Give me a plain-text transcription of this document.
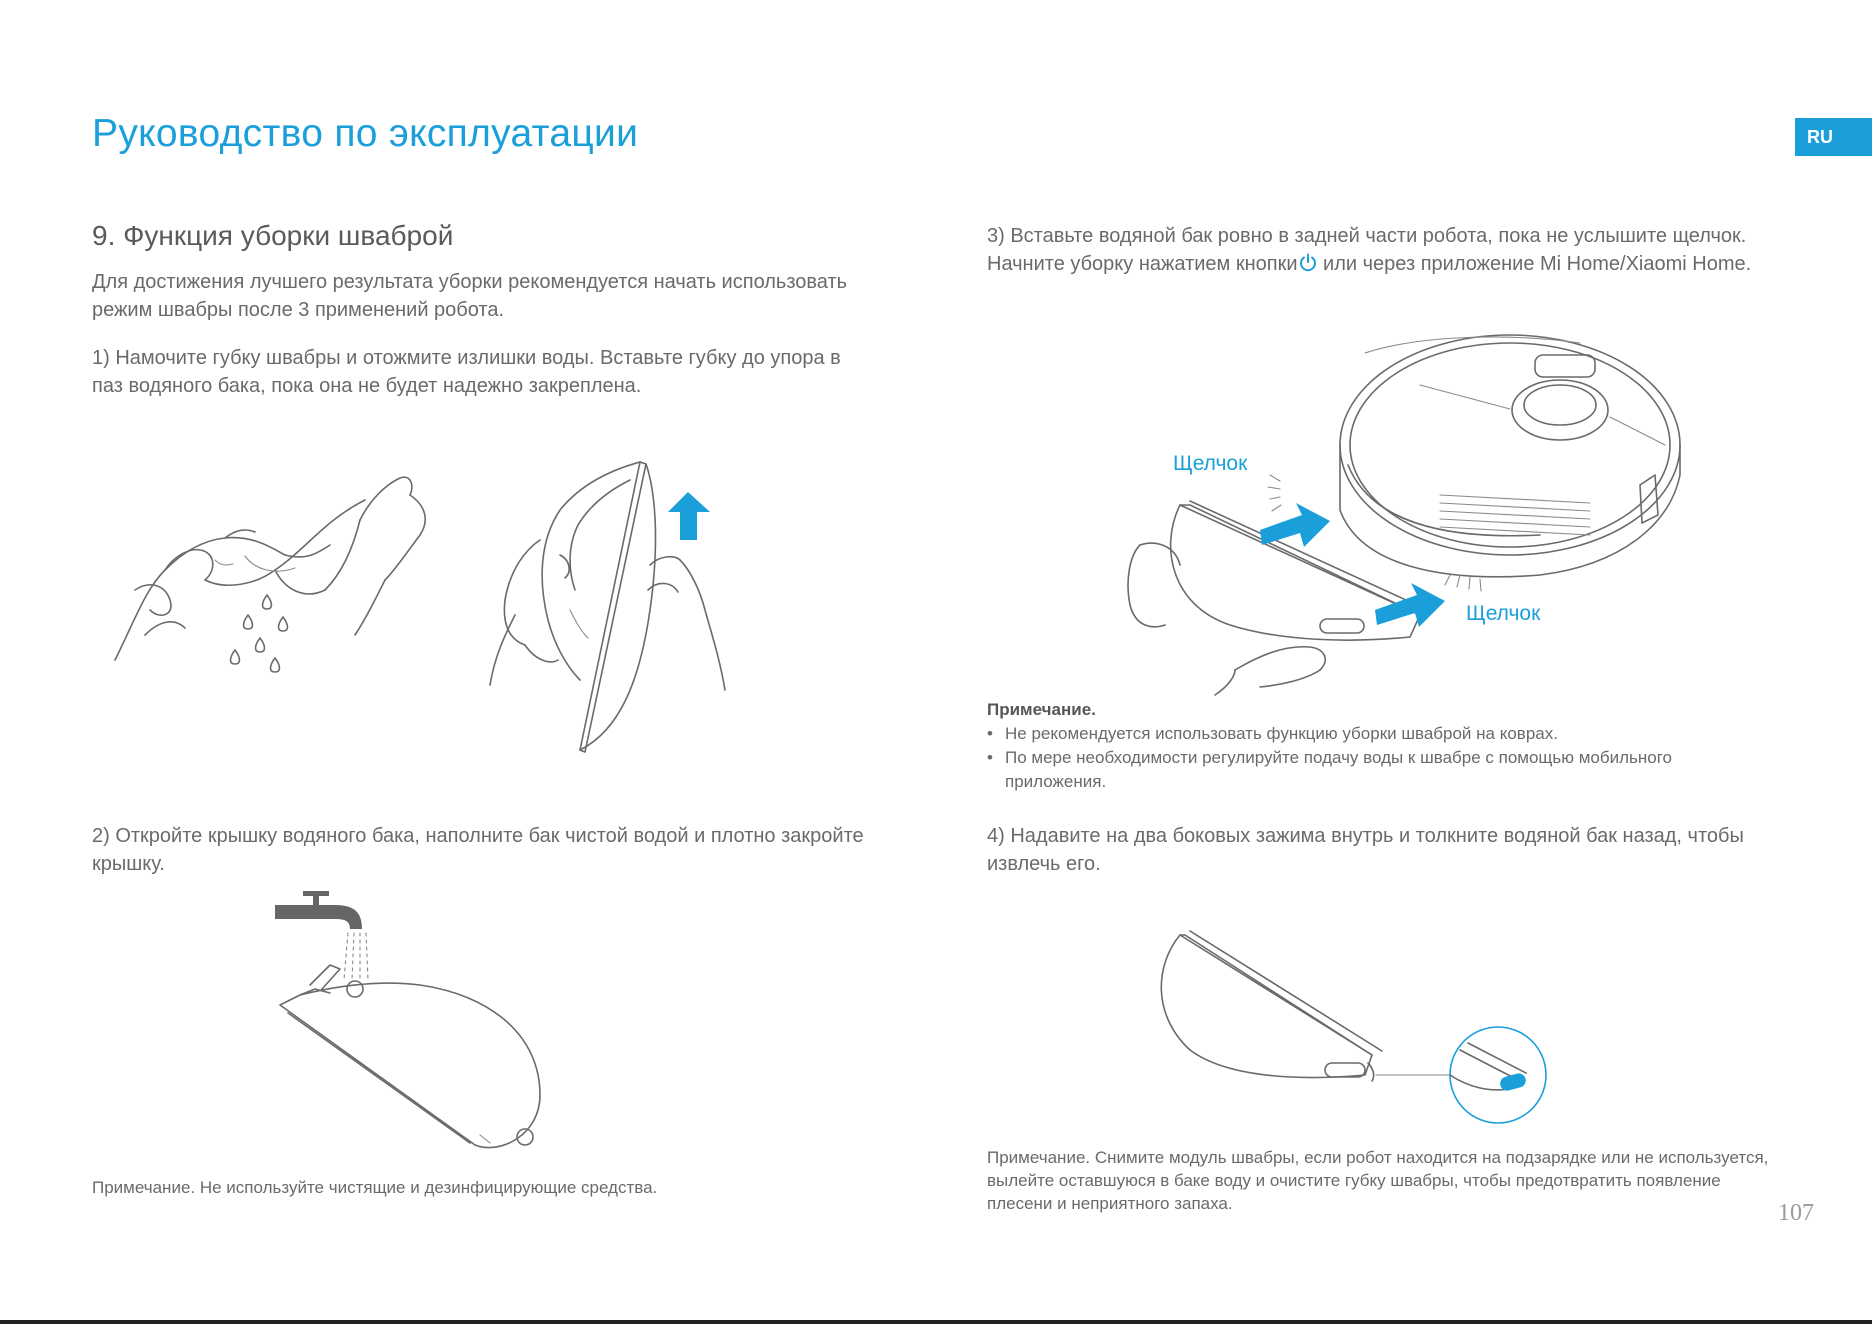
Руководство по эксплуатации	RU
9. Функция уборки шваброй
Для достижения лучшего результата уборки рекомендуется начать использовать режим швабры после 3 применений робота.
1) Намочите губку швабры и отожмите излишки воды. Вставьте губку до упора в паз водяного бака, пока она не будет надежно закреплена.
2) Откройте крышку водяного бака, наполните бак чистой водой и плотно закройте крышку.
Примечание. Не используйте чистящие и дезинфицирующие средства.
3) Вставьте водяной бак ровно в задней части робота, пока не услышите щелчок. Начните уборку нажатием кнопки или через приложение Mi Home/Xiaomi Home.
Щелчок
Щелчок
Примечание.
• Не рекомендуется использовать функцию уборки шваброй на коврах.
• По мере необходимости регулируйте подачу воды к швабре с помощью мобильного приложения.
4) Надавите на два боковых зажима внутрь и толкните водяной бак назад, чтобы извлечь его.
Примечание. Снимите модуль швабры, если робот находится на подзарядке или не используется, вылейте оставшуюся в баке воду и очистите губку швабры, чтобы предотвратить появление плесени и неприятного запаха.	107
